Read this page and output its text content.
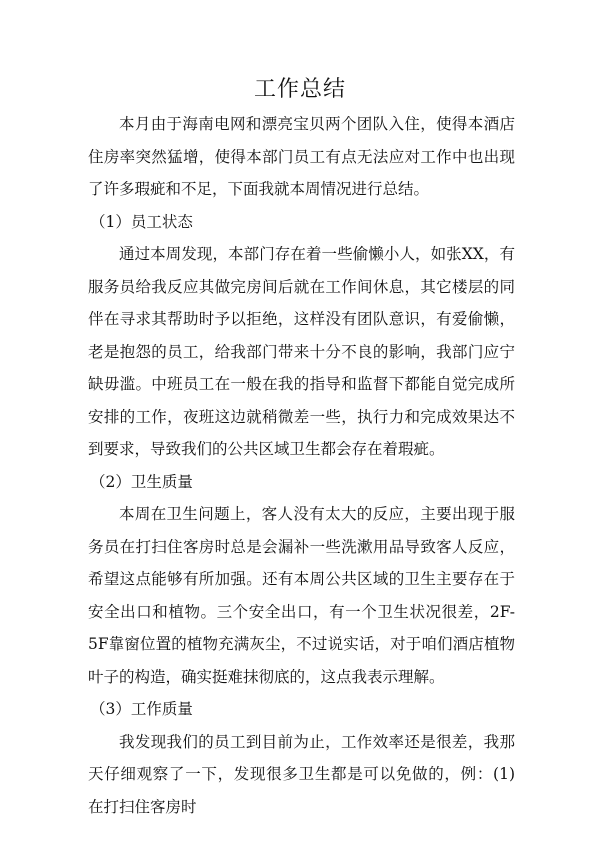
工作总结

本月由于海南电网和漂亮宝贝两个团队入住，使得本酒店住房率突然猛增，使得本部门员工有点无法应对工作中也出现了许多瑕疵和不足，下面我就本周情况进行总结。

（1）员工状态

通过本周发现，本部门存在着一些偷懒小人，如张XX，有服务员给我反应其做完房间后就在工作间休息，其它楼层的同伴在寻求其帮助时予以拒绝，这样没有团队意识，有爱偷懒，老是抱怨的员工，给我部门带来十分不良的影响，我部门应宁缺毋滥。中班员工在一般在我的指导和监督下都能自觉完成所安排的工作，夜班这边就稍微差一些，执行力和完成效果达不到要求，导致我们的公共区域卫生都会存在着瑕疵。

（2）卫生质量

本周在卫生问题上，客人没有太大的反应，主要出现于服务员在打扫住客房时总是会漏补一些洗漱用品导致客人反应，希望这点能够有所加强。还有本周公共区域的卫生主要存在于安全出口和植物。三个安全出口，有一个卫生状况很差，2F-5F靠窗位置的植物充满灰尘，不过说实话，对于咱们酒店植物叶子的构造，确实挺难抹彻底的，这点我表示理解。

（3）工作质量

我发现我们的员工到目前为止，工作效率还是很差，我那天仔细观察了一下，发现很多卫生都是可以免做的，例：(1) 在打扫住客房时
